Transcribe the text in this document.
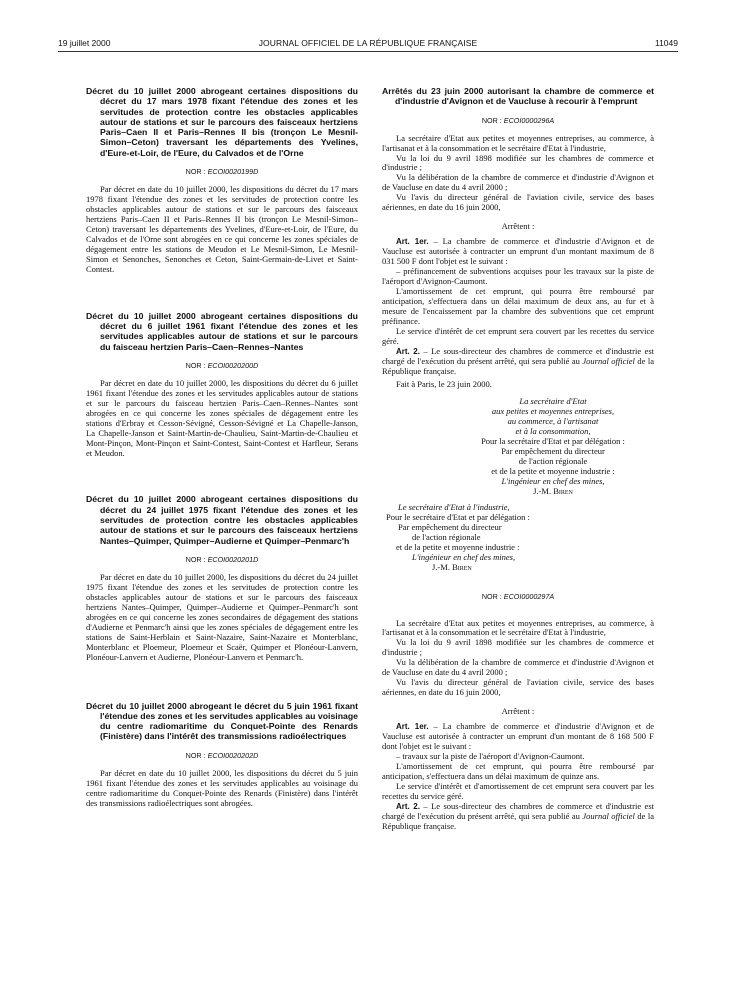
19 juillet 2000	JOURNAL OFFICIEL DE LA RÉPUBLIQUE FRANÇAISE	11049

Décret du 10 juillet 2000 abrogeant certaines dispositions du décret du 17 mars 1978 fixant l'étendue des zones et les servitudes de protection contre les obstacles applicables autour de stations et sur le parcours des faisceaux hertziens Paris–Caen II et Paris–Rennes II bis (tronçon Le Mesnil-Simon–Ceton) traversant les départements des Yvelines, d'Eure-et-Loir, de l'Eure, du Calvados et de l'Orne

NOR : ECOI0020199D

Par décret en date du 10 juillet 2000, les dispositions du décret du 17 mars 1978 fixant l'étendue des zones et les servitudes de protection contre les obstacles applicables autour de stations et sur le parcours des faisceaux hertziens Paris–Caen II et Paris–Rennes II bis (tronçon Le Mesnil-Simon–Ceton) traversant les départements des Yvelines, d'Eure-et-Loir, de l'Eure, du Calvados et de l'Orne sont abrogées en ce qui concerne les zones spéciales de dégagement entre les stations de Meudon et Le Mesnil-Simon, Le Mesnil-Simon et Senonches, Senonches et Ceton, Saint-Germain-de-Livet et Saint-Contest.

Décret du 10 juillet 2000 abrogeant certaines dispositions du décret du 6 juillet 1961 fixant l'étendue des zones et les servitudes applicables autour de stations et sur le parcours du faisceau hertzien Paris–Caen–Rennes–Nantes

NOR : ECOI0020200D

Par décret en date du 10 juillet 2000, les dispositions du décret du 6 juillet 1961 fixant l'étendue des zones et les servitudes applicables autour de stations et sur le parcours du faisceau hertzien Paris–Caen–Rennes–Nantes sont abrogées en ce qui concerne les zones spéciales de dégagement entre les stations d'Erbray et Cesson-Sévigné, Cesson-Sévigné et La Chapelle-Janson, La Chapelle-Janson et Saint-Martin-de-Chaulieu, Saint-Martin-de-Chaulieu et Mont-Pinçon, Mont-Pinçon et Saint-Contest, Saint-Contest et Harfleur, Serans et Meudon.

Décret du 10 juillet 2000 abrogeant certaines dispositions du décret du 24 juillet 1975 fixant l'étendue des zones et les servitudes de protection contre les obstacles applicables autour de stations et sur le parcours des faisceaux hertziens Nantes–Quimper, Quimper–Audierne et Quimper–Penmarc'h

NOR : ECOI0020201D

Par décret en date du 10 juillet 2000, les dispositions du décret du 24 juillet 1975 fixant l'étendue des zones et les servitudes de protection contre les obstacles applicables autour de stations et sur le parcours des faisceaux hertziens Nantes–Quimper, Quimper–Audierne et Quimper–Penmarc'h sont abrogées en ce qui concerne les zones secondaires de dégagement des stations d'Audierne et Penmarc'h ainsi que les zones spéciales de dégagement entre les stations de Saint-Herblain et Saint-Nazaire, Saint-Nazaire et Monterblanc, Monterblanc et Ploemeur, Ploemeur et Scaër, Quimper et Plonéour-Lanvern, Plonéour-Lanvern et Audierne, Plonéour-Lanvern et Penmarc'h.

Décret du 10 juillet 2000 abrogeant le décret du 5 juin 1961 fixant l'étendue des zones et les servitudes applicables au voisinage du centre radiomaritime du Conquet-Pointe des Renards (Finistère) dans l'intérêt des transmissions radioélectriques

NOR : ECOI0020202D

Par décret en date du 10 juillet 2000, les dispositions du décret du 5 juin 1961 fixant l'étendue des zones et les servitudes applicables au voisinage du centre radiomaritime du Conquet-Pointe des Renards (Finistère) dans l'intérêt des transmissions radioélectriques sont abrogées.

Arrêtés du 23 juin 2000 autorisant la chambre de commerce et d'industrie d'Avignon et de Vaucluse à recourir à l'emprunt

NOR : ECOI0000296A

La secrétaire d'Etat aux petites et moyennes entreprises, au commerce, à l'artisanat et à la consommation et le secrétaire d'Etat à l'industrie,

Vu la loi du 9 avril 1898 modifiée sur les chambres de commerce et d'industrie ;

Vu la délibération de la chambre de commerce et d'industrie d'Avignon et de Vaucluse en date du 4 avril 2000 ;

Vu l'avis du directeur général de l'aviation civile, service des bases aériennes, en date du 16 juin 2000,

Arrêtent :

Art. 1er. – La chambre de commerce et d'industrie d'Avignon et de Vaucluse est autorisée à contracter un emprunt d'un montant maximum de 8 031 500 F dont l'objet est le suivant :

– préfinancement de subventions acquises pour les travaux sur la piste de l'aéroport d'Avignon-Caumont.

L'amortissement de cet emprunt, qui pourra être remboursé par anticipation, s'effectuera dans un délai maximum de deux ans, au fur et à mesure de l'encaissement par la chambre des subventions que cet emprunt préfinance.

Le service d'intérêt de cet emprunt sera couvert par les recettes du service géré.

Art. 2. – Le sous-directeur des chambres de commerce et d'industrie est chargé de l'exécution du présent arrêté, qui sera publié au Journal officiel de la République française.

Fait à Paris, le 23 juin 2000.

La secrétaire d'Etat
aux petites et moyennes entreprises,
au commerce, à l'artisanat
et à la consommation,
Pour la secrétaire d'Etat et par délégation :
Par empêchement du directeur
de l'action régionale
et de la petite et moyenne industrie :
L'ingénieur en chef des mines,
J.-M. Biren
Le secrétaire d'Etat à l'industrie,
Pour le secrétaire d'Etat et par délégation :
Par empêchement du directeur
de l'action régionale
et de la petite et moyenne industrie :
L'ingénieur en chef des mines,
J.-M. Biren
NOR : ECOI0000297A

La secrétaire d'Etat aux petites et moyennes entreprises, au commerce, à l'artisanat et à la consommation et le secrétaire d'Etat à l'industrie,

Vu la loi du 9 avril 1898 modifiée sur les chambres de commerce et d'industrie ;

Vu la délibération de la chambre de commerce et d'industrie d'Avignon et de Vaucluse en date du 4 avril 2000 ;

Vu l'avis du directeur général de l'aviation civile, service des bases aériennes, en date du 16 juin 2000,

Arrêtent :

Art. 1er. – La chambre de commerce et d'industrie d'Avignon et de Vaucluse est autorisée à contracter un emprunt d'un montant de 8 168 500 F dont l'objet est le suivant :

– travaux sur la piste de l'aéroport d'Avignon-Caumont.

L'amortissement de cet emprunt, qui pourra être remboursé par anticipation, s'effectuera dans un délai maximum de quinze ans.

Le service d'intérêt et d'amortissement de cet emprunt sera couvert par les recettes du service géré.

Art. 2. – Le sous-directeur des chambres de commerce et d'industrie est chargé de l'exécution du présent arrêté, qui sera publié au Journal officiel de la République française.
